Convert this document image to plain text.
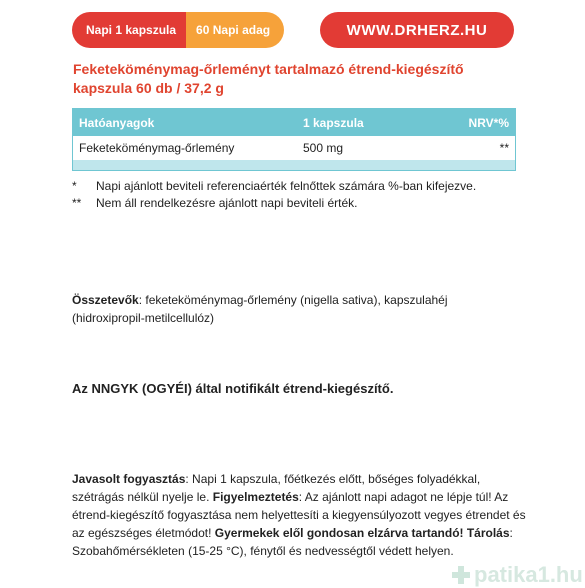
Napi 1 kapszula	60 Napi adag	WWW.DRHERZ.HU
Feketeköménymag-őrleményt tartalmazó étrend-kiegészítő
kapszula 60 db / 37,2 g
Hatóanyagok	1 kapszula	NRV*%
Feketeköménymag-őrlemény	500 mg	**
*	Napi ajánlott beviteli referenciaérték felnőttek számára %-ban kifejezve.
**	Nem áll rendelkezésre ajánlott napi beviteli érték.
Összetevők: feketeköménymag-őrlemény (nigella sativa), kapszulahéj (hidroxipropil-metilcellulóz)
Az NNGYK (OGYÉI) által notifikált étrend-kiegészítő.
Javasolt fogyasztás: Napi 1 kapszula, főétkezés előtt, bőséges folyadékkal, szétrágás nélkül nyelje le. Figyelmeztetés: Az ajánlott napi adagot ne lépje túl! Az étrend-kiegészítő fogyasztása nem helyettesíti a kiegyensúlyozott vegyes étrendet és az egészséges életmódot! Gyermekek elől gondosan elzárva tartandó! Tárolás: Szobahőmérsékleten (15-25 °C), fénytől és nedvességtől védett helyen.
patika1.hu
